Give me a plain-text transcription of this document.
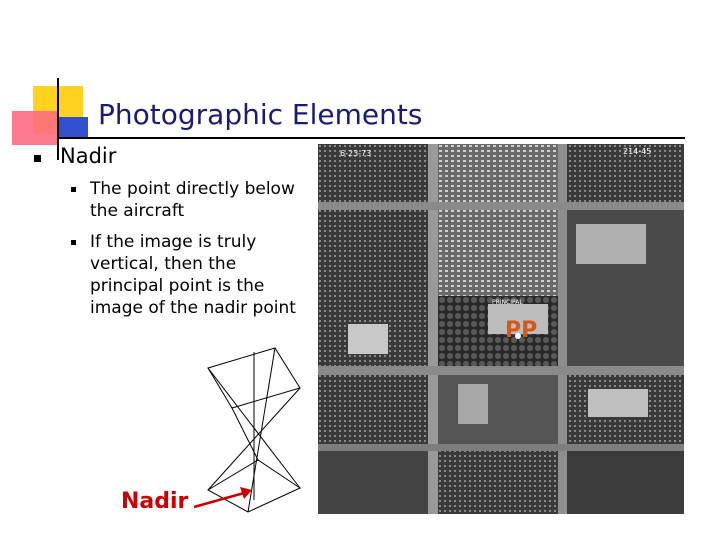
Photographic Elements
Nadir
The point directly below the aircraft
If the image is truly vertical, then the principal point is the image of the nadir point
Nadir
PRINCIPAL
6-23-73	214-45
PP
